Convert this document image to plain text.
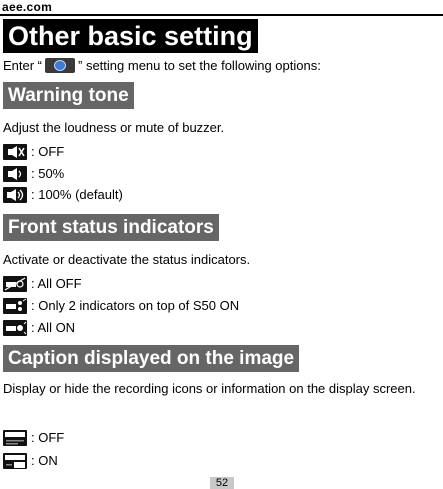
aee.com
Other basic setting
Enter “	” setting menu to set the following options:
Warning tone
Adjust the loudness or mute of buzzer.
: OFF
: 50%
: 100% (default)
Front status indicators
Activate or deactivate the status indicators.
: All OFF
: Only 2 indicators on top of S50 ON
: All ON
Caption displayed on the image
Display or hide the recording icons or information on the display screen.
: OFF
: ON
52
